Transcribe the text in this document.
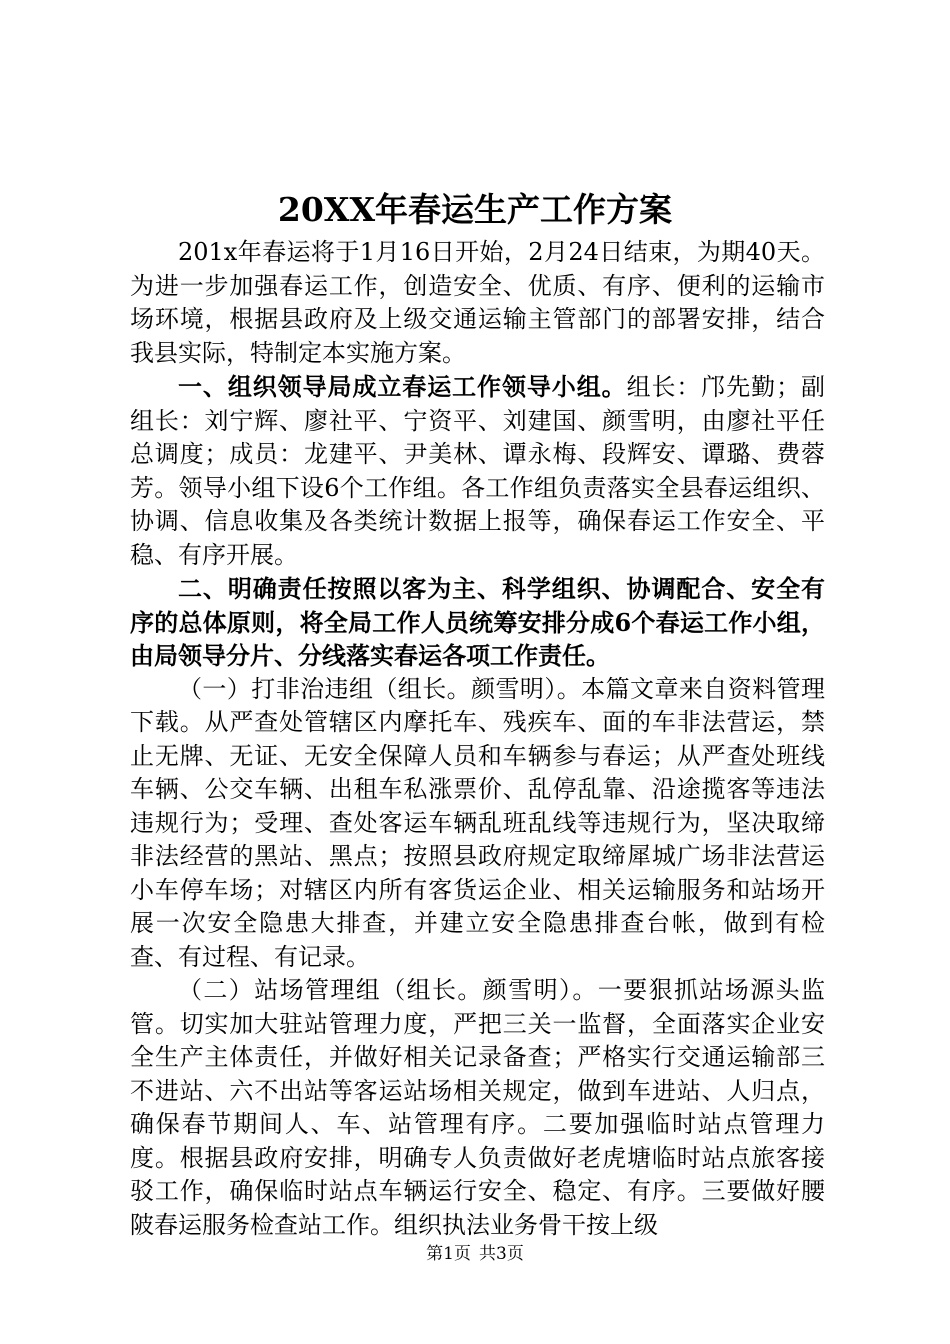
20XX年春运生产工作方案

201x年春运将于1月16日开始，2月24日结束，为期40天。为进一步加强春运工作，创造安全、优质、有序、便利的运输市场环境，根据县政府及上级交通运输主管部门的部署安排，结合我县实际，特制定本实施方案。

一、组织领导局成立春运工作领导小组。组长：邝先勤；副组长：刘宁辉、廖社平、宁资平、刘建国、颜雪明，由廖社平任总调度；成员：龙建平、尹美林、谭永梅、段辉安、谭璐、费蓉芳。领导小组下设6个工作组。各工作组负责落实全县春运组织、协调、信息收集及各类统计数据上报等，确保春运工作安全、平稳、有序开展。

二、明确责任按照以客为主、科学组织、协调配合、安全有序的总体原则，将全局工作人员统筹安排分成6个春运工作小组，由局领导分片、分线落实春运各项工作责任。

（一）打非治违组（组长。颜雪明）。本篇文章来自资料管理下载。从严查处管辖区内摩托车、残疾车、面的车非法营运，禁止无牌、无证、无安全保障人员和车辆参与春运；从严查处班线车辆、公交车辆、出租车私涨票价、乱停乱靠、沿途揽客等违法违规行为；受理、查处客运车辆乱班乱线等违规行为，坚决取缔非法经营的黑站、黑点；按照县政府规定取缔犀城广场非法营运小车停车场；对辖区内所有客货运企业、相关运输服务和站场开展一次安全隐患大排查，并建立安全隐患排查台帐，做到有检查、有过程、有记录。

（二）站场管理组（组长。颜雪明）。一要狠抓站场源头监管。切实加大驻站管理力度，严把三关一监督，全面落实企业安全生产主体责任，并做好相关记录备查；严格实行交通运输部三不进站、六不出站等客运站场相关规定，做到车进站、人归点，确保春节期间人、车、站管理有序。二要加强临时站点管理力度。根据县政府安排，明确专人负责做好老虎塘临时站点旅客接驳工作，确保临时站点车辆运行安全、稳定、有序。三要做好腰陂春运服务检查站工作。组织执法业务骨干按上级

第1页 共3页
